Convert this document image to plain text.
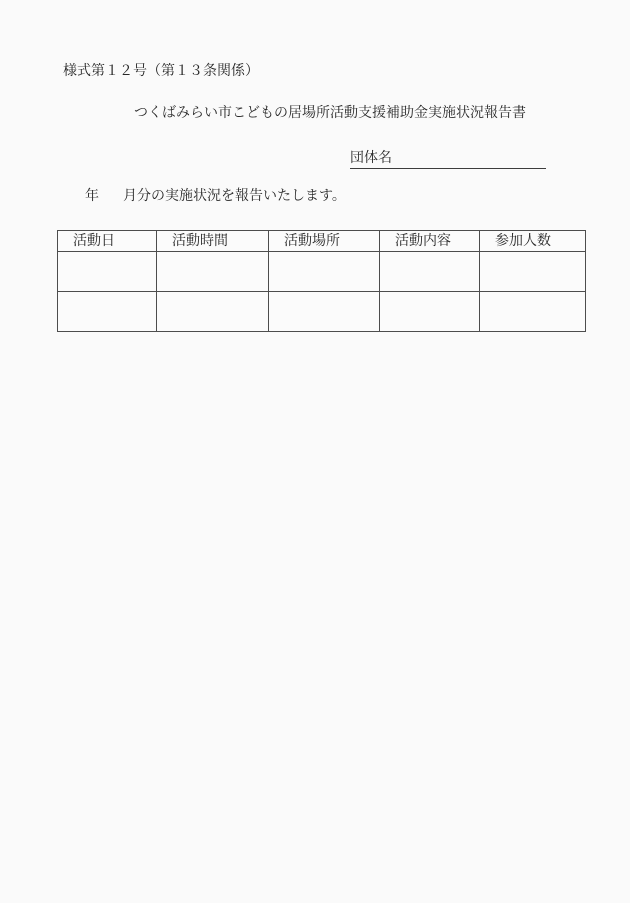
様式第１２号（第１３条関係）
つくばみらい市こどもの居場所活動支援補助金実施状況報告書
団体名
年 月分の実施状況を報告いたします。
活動日	活動時間	活動場所	活動内容	参加人数
